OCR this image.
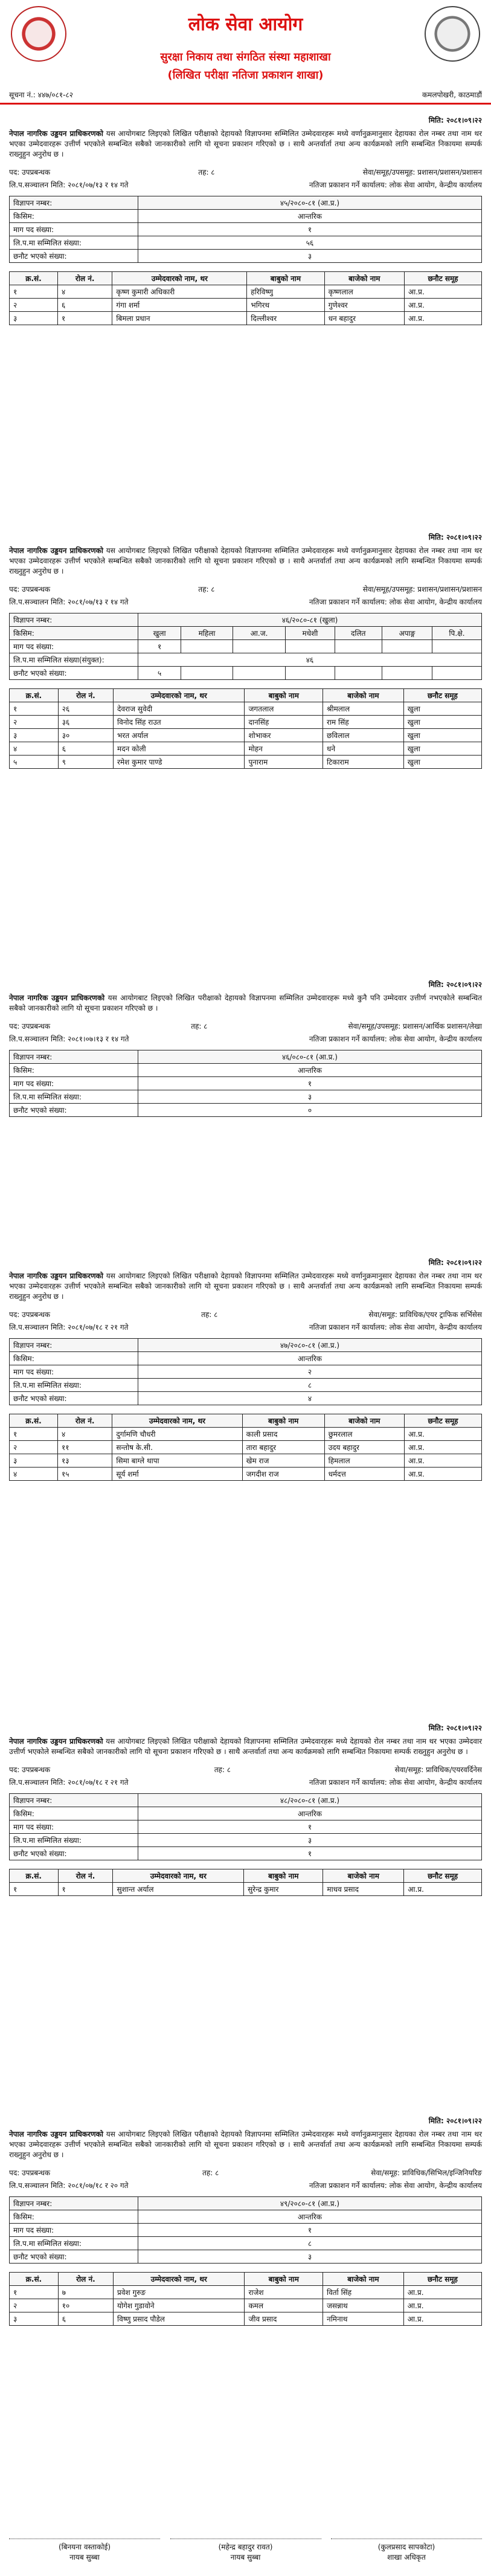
लोक सेवा आयोग
सुरक्षा निकाय तथा संगठित संस्था महाशाखा
(लिखित परीक्षा नतिजा प्रकाशन शाखा)
सूचना नं.: ४४७/०८१-८२	कमलपोखरी, काठमाडौं
मिति: २०८१।०९।२२
नेपाल नागरिक उड्डयन प्राधिकरणको यस आयोगबाट लिइएको लिखित परीक्षाको देहायको विज्ञापनमा सम्मिलित उम्मेदवारहरू मध्ये वर्णानुक्रमानुसार देहायका रोल नम्बर तथा नाम थर भएका उम्मेदवारहरू उत्तीर्ण भएकोले सम्बन्धित सबैको जानकारीको लागि यो सूचना प्रकाशन गरिएको छ । साथै अन्तर्वार्ता तथा अन्य कार्यक्रमको लागि सम्बन्धित निकायमा सम्पर्क राख्नुहुन अनुरोध छ ।
पद: उपप्रबन्धक	तह: ८	सेवा/समूह/उपसमूह: प्रशासन/प्रशासन/प्रशासन
लि.प.सञ्चालन मिति: २०८१/०७/१३ र १४ गते	नतिजा प्रकाशन गर्ने कार्यालय: लोक सेवा आयोग, केन्द्रीय कार्यालय
विज्ञापन नम्बर:	४५/२०८०-८१ (आ.प्र.)
किसिम:	आन्तरिक
माग पद संख्या:	१
लि.प.मा सम्मिलित संख्या:	५६
छनौट भएको संख्या:	३
क्र.सं.	रोल नं.	उम्मेदवारको नाम, थर	बाबुको नाम	बाजेको नाम	छनौट समूह
१	४	कृष्ण कुमारी अधिकारी	हरिविष्णु	कृष्णलाल	आ.प्र.
२	६	गंगा शर्मा	भगिरथ	गुणेश्वर	आ.प्र.
३	१	बिमला प्रधान	दिल्लीश्वर	धन बहादुर	आ.प्र.
मिति: २०८१।०९।२२
नेपाल नागरिक उड्डयन प्राधिकरणको यस आयोगबाट लिइएको लिखित परीक्षाको देहायको विज्ञापनमा सम्मिलित उम्मेदवारहरू मध्ये वर्णानुक्रमानुसार देहायका रोल नम्बर तथा नाम थर भएका उम्मेदवारहरू उत्तीर्ण भएकोले सम्बन्धित सबैको जानकारीको लागि यो सूचना प्रकाशन गरिएको छ । साथै अन्तर्वार्ता तथा अन्य कार्यक्रमको लागि सम्बन्धित निकायमा सम्पर्क राख्नुहुन अनुरोध छ ।
पद: उपप्रबन्धक	तह: ८	सेवा/समूह/उपसमूह: प्रशासन/प्रशासन/प्रशासन
लि.प.सञ्चालन मिति: २०८१/०७/१३ र १४ गते	नतिजा प्रकाशन गर्ने कार्यालय: लोक सेवा आयोग, केन्द्रीय कार्यालय
विज्ञापन नम्बर:	४६/२०८०-८१ (खुला)						
किसिम:	खुला	महिला	आ.ज.	मधेशी	दलित	अपाङ्ग	पि.क्षे.
माग पद संख्या:	१						
लि.प.मा सम्मिलित संख्या(संयुक्त):	४६						
छनौट भएको संख्या:	५						
क्र.सं.	रोल नं.	उम्मेदवारको नाम, थर	बाबुको नाम	बाजेको नाम	छनौट समूह
१	२६	देवराज सुवेदी	जगतलाल	श्रीमलाल	खुला
२	३६	विनोद सिंह राउत	दानसिंह	राम सिंह	खुला
३	३०	भरत अर्याल	शोभाकर	छविलाल	खुला
४	६	मदन कोली	मोहन	धने	खुला
५	९	रमेश कुमार पाण्डे	पुनाराम	टिकाराम	खुला
मिति: २०८१।०९।२२
नेपाल नागरिक उड्डयन प्राधिकरणको यस आयोगबाट लिइएको लिखित परीक्षाको देहायको विज्ञापनमा सम्मिलित उम्मेदवारहरू मध्ये कुनै पनि उम्मेदवार उत्तीर्ण नभएकोले सम्बन्धित सबैको जानकारीको लागि यो सूचना प्रकाशन गरिएको छ ।
पद: उपप्रबन्धक	तह: ८	सेवा/समूह/उपसमूह: प्रशासन/आर्थिक प्रशासन/लेखा
लि.प.सञ्चालन मिति: २०८१।०७।१३ र १४ गते	नतिजा प्रकाशन गर्ने कार्यालय: लोक सेवा आयोग, केन्द्रीय कार्यालय
विज्ञापन नम्बर:	४६/०८०-८१ (आ.प्र.)
किसिम:	आन्तरिक
माग पद संख्या:	१
लि.प.मा सम्मिलित संख्या:	३
छनौट भएको संख्या:	०
मिति: २०८१।०९।२२
नेपाल नागरिक उड्डयन प्राधिकरणको यस आयोगबाट लिइएको लिखित परीक्षाको देहायको विज्ञापनमा सम्मिलित उम्मेदवारहरू मध्ये वर्णानुक्रमानुसार देहायका रोल नम्बर तथा नाम थर भएका उम्मेदवारहरू उत्तीर्ण भएकोले सम्बन्धित सबैको जानकारीको लागि यो सूचना प्रकाशन गरिएको छ । साथै अन्तर्वार्ता तथा अन्य कार्यक्रमको लागि सम्बन्धित निकायमा सम्पर्क राख्नुहुन अनुरोध छ ।
पद: उपप्रबन्धक	तह: ८	सेवा/समूह: प्राविधिक/एयर ट्राफिक सर्भिसेस
लि.प.सञ्चालन मिति: २०८१/०७/१८ र २१ गते	नतिजा प्रकाशन गर्ने कार्यालय: लोक सेवा आयोग, केन्द्रीय कार्यालय
विज्ञापन नम्बर:	४७/२०८०-८१ (आ.प्र.)
किसिम:	आन्तरिक
माग पद संख्या:	२
लि.प.मा सम्मिलित संख्या:	८
छनौट भएको संख्या:	४
क्र.सं.	रोल नं.	उम्मेदवारको नाम, थर	बाबुको नाम	बाजेको नाम	छनौट समूह
१	४	दुर्गामणि चौधरी	काली प्रसाद	छुमरलाल	आ.प्र.
२	११	सन्तोष के.सी.	तारा बहादुर	उदय बहादुर	आ.प्र.
३	१३	सिमा बाग्ले थापा	खेम राज	हिमलाल	आ.प्र.
४	१५	सूर्य शर्मा	जगदीश राज	धर्मदत्त	आ.प्र.
मिति: २०८१।०९।२२
नेपाल नागरिक उड्डयन प्राधिकरणको यस आयोगबाट लिइएको लिखित परीक्षाको देहायको विज्ञापनमा सम्मिलित उम्मेदवारहरू मध्ये देहायको रोल नम्बर तथा नाम थर भएका उम्मेदवार उत्तीर्ण भएकोले सम्बन्धित सबैको जानकारीको लागि यो सूचना प्रकाशन गरिएको छ । साथै अन्तर्वार्ता तथा अन्य कार्यक्रमको लागि सम्बन्धित निकायमा सम्पर्क राख्नुहुन अनुरोध छ ।
पद: उपप्रबन्धक	तह: ८	सेवा/समूह: प्राविधिक/एयरवर्दिनेस
लि.प.सञ्चालन मिति: २०८१/०७/१८ र २१ गते	नतिजा प्रकाशन गर्ने कार्यालय: लोक सेवा आयोग, केन्द्रीय कार्यालय
विज्ञापन नम्बर:	४८/२०८०-८१ (आ.प्र.)
किसिम:	आन्तरिक
माग पद संख्या:	१
लि.प.मा सम्मिलित संख्या:	३
छनौट भएको संख्या:	१
क्र.सं.	रोल नं.	उम्मेदवारको नाम, थर	बाबुको नाम	बाजेको नाम	छनौट समूह
१	१	सुशान्त अर्याल	सुरेन्द्र कुमार	माधव प्रसाद	आ.प्र.
मिति: २०८१।०९।२२
नेपाल नागरिक उड्डयन प्राधिकरणको यस आयोगबाट लिइएको लिखित परीक्षाको देहायको विज्ञापनमा सम्मिलित उम्मेदवारहरू मध्ये वर्णानुक्रमानुसार देहायका रोल नम्बर तथा नाम थर भएका उम्मेदवारहरू उत्तीर्ण भएकोले सम्बन्धित सबैको जानकारीको लागि यो सूचना प्रकाशन गरिएको छ । साथै अन्तर्वार्ता तथा अन्य कार्यक्रमको लागि सम्बन्धित निकायमा सम्पर्क राख्नुहुन अनुरोध छ ।
पद: उपप्रबन्धक	तह: ८	सेवा/समूह: प्राविधिक/सिभिल/इन्जिनियरिङ
लि.प.सञ्चालन मिति: २०८१/०७/१८ र २० गते	नतिजा प्रकाशन गर्ने कार्यालय: लोक सेवा आयोग, केन्द्रीय कार्यालय
विज्ञापन नम्बर:	४९/२०८०-८१ (आ.प्र.)
किसिम:	आन्तरिक
माग पद संख्या:	१
लि.प.मा सम्मिलित संख्या:	८
छनौट भएको संख्या:	३
क्र.सं.	रोल नं.	उम्मेदवारको नाम, थर	बाबुको नाम	बाजेको नाम	छनौट समूह
१	७	प्रवेश गुरुङ	राजेश	विर्ता सिंह	आ.प्र.
२	१०	योगेश गुडावोने	कमल	जसन्नाथ	आ.प्र.
३	६	विष्णु प्रसाद पौडेल	जीव प्रसाद	नमिनाथ	आ.प्र.
(बिनयना वस्ताकोई)
नायब सुब्बा
(महेन्द्र बहादुर रावत)
नायब सुब्बा
(कुलप्रसाद सापकोटा)
शाखा अधिकृत
